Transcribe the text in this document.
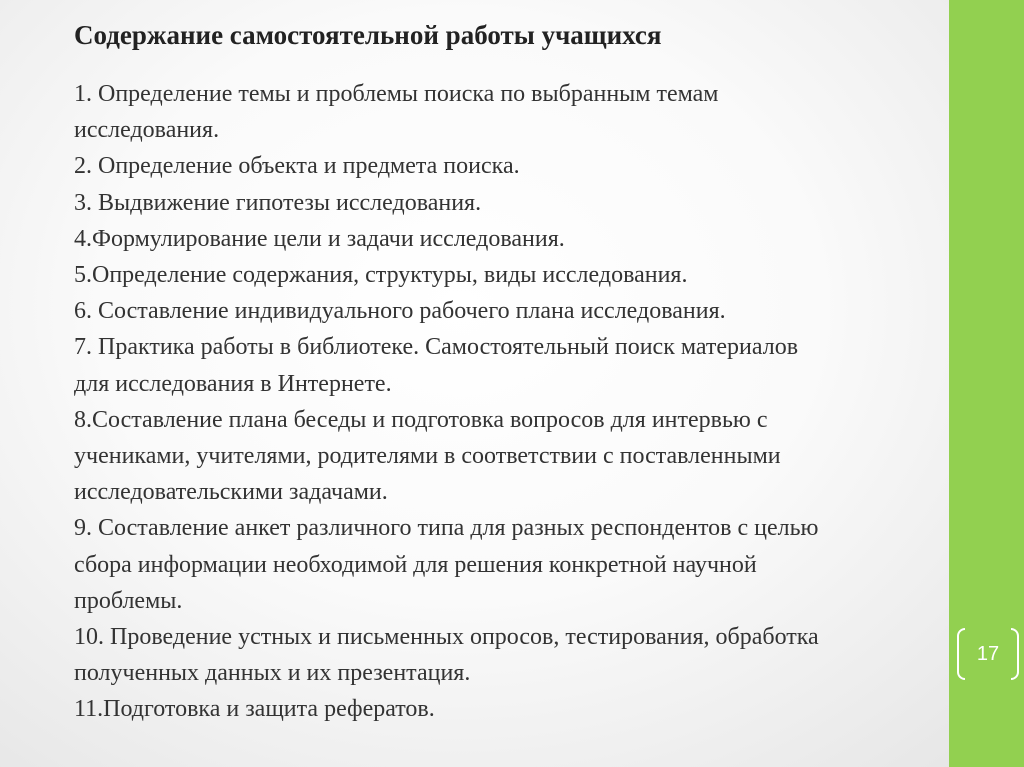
Содержание самостоятельной работы учащихся
1. Определение темы и проблемы поиска по выбранным темам
исследования.
2. Определение объекта и предмета поиска.
3. Выдвижение гипотезы исследования.
4.Формулирование цели и задачи исследования.
5.Определение содержания, структуры, виды исследования.
6. Составление индивидуального рабочего плана исследования.
7. Практика работы в библиотеке. Самостоятельный поиск материалов
для исследования в Интернете.
8.Составление плана беседы и подготовка вопросов для интервью с
учениками, учителями, родителями в соответствии с поставленными
исследовательскими задачами.
9. Составление анкет различного типа для разных респондентов с целью
сбора информации необходимой для решения конкретной научной
проблемы.
10. Проведение устных и письменных опросов, тестирования, обработка
полученных данных и их презентация.
11.Подготовка и защита рефератов.
17
